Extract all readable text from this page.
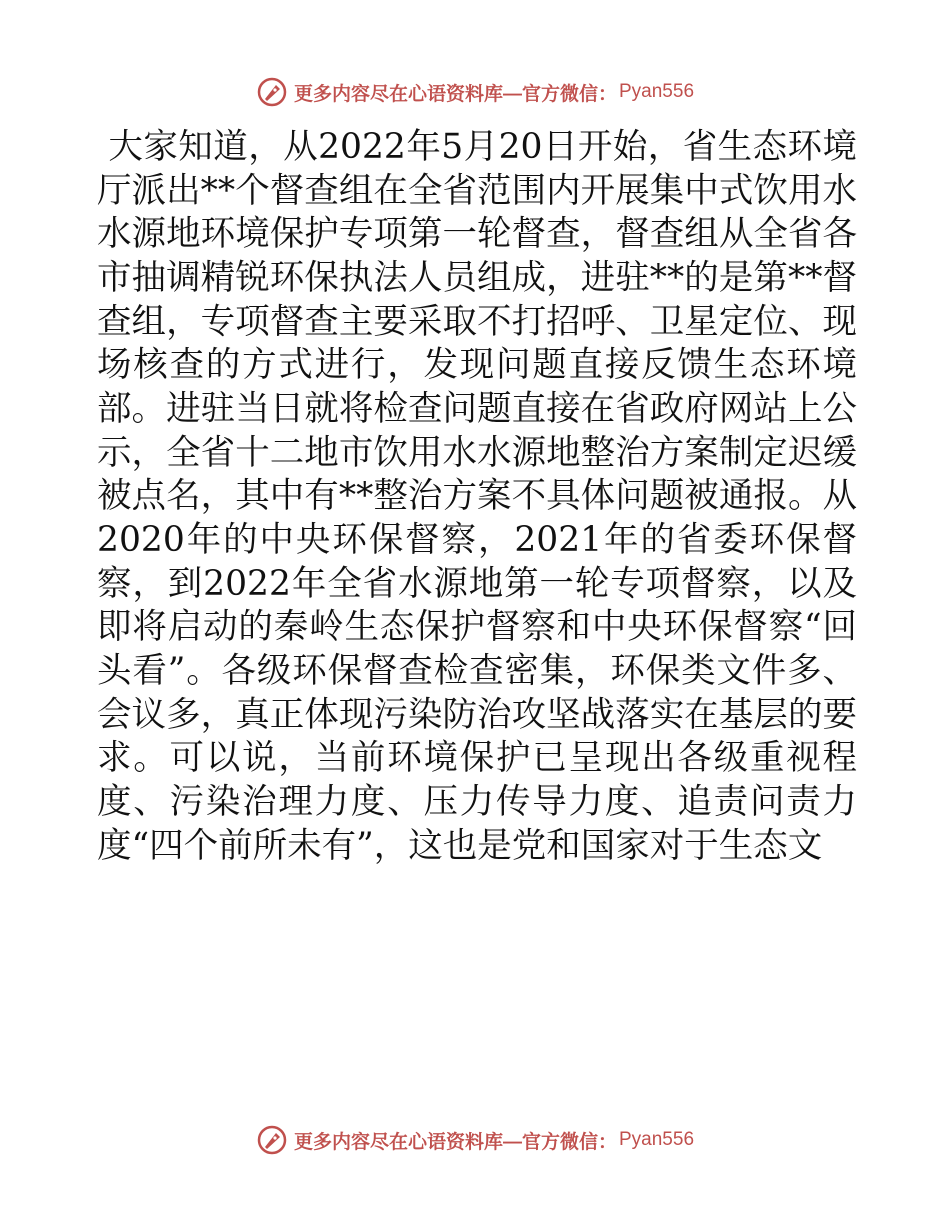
更多内容尽在心语资料库—官方微信： Pyan556

大家知道，从2022年5月20日开始，省生态环境厅派出**个督查组在全省范围内开展集中式饮用水水源地环境保护专项第一轮督查，督查组从全省各市抽调精锐环保执法人员组成，进驻**的是第**督查组，专项督查主要采取不打招呼、卫星定位、现场核查的方式进行，发现问题直接反馈生态环境部。进驻当日就将检查问题直接在省政府网站上公示，全省十二地市饮用水水源地整治方案制定迟缓被点名，其中有**整治方案不具体问题被通报。从2020年的中央环保督察，2021年的省委环保督察，到2022年全省水源地第一轮专项督察，以及即将启动的秦岭生态保护督察和中央环保督察“回头看”。各级环保督查检查密集，环保类文件多、会议多，真正体现污染防治攻坚战落实在基层的要求。可以说，当前环境保护已呈现出各级重视程度、污染治理力度、压力传导力度、追责问责力度“四个前所未有”，这也是党和国家对于生态文

更多内容尽在心语资料库—官方微信： Pyan556
